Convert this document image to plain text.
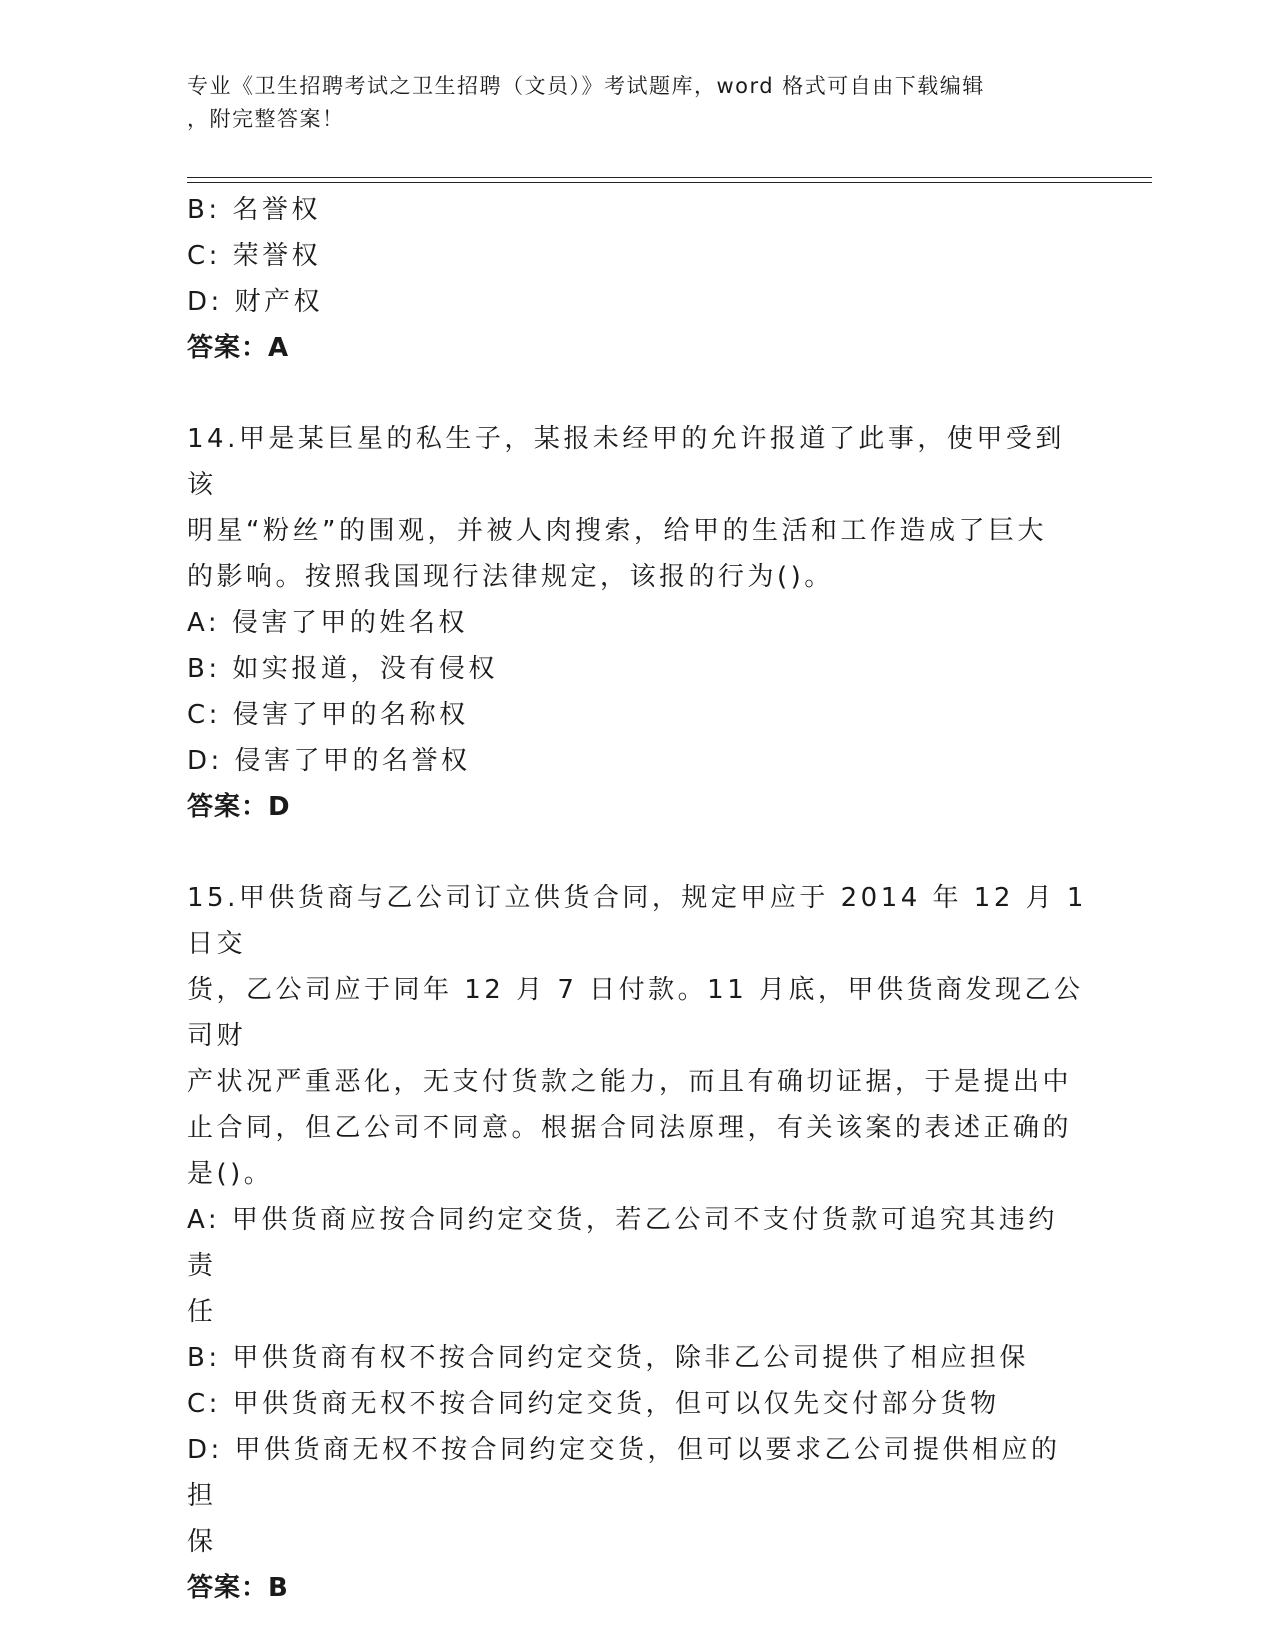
专业《卫生招聘考试之卫生招聘（文员）》考试题库，word 格式可自由下载编辑
，附完整答案！
B: 名誉权
C: 荣誉权
D: 财产权
答案：A
14.甲是某巨星的私生子，某报未经甲的允许报道了此事，使甲受到该
明星“粉丝”的围观，并被人肉搜索，给甲的生活和工作造成了巨大
的影响。按照我国现行法律规定，该报的行为()。
A: 侵害了甲的姓名权
B: 如实报道，没有侵权
C: 侵害了甲的名称权
D: 侵害了甲的名誉权
答案：D
15.甲供货商与乙公司订立供货合同，规定甲应于 2014 年 12 月 1 日交
货，乙公司应于同年 12 月 7 日付款。11 月底，甲供货商发现乙公司财
产状况严重恶化，无支付货款之能力，而且有确切证据，于是提出中
止合同，但乙公司不同意。根据合同法原理，有关该案的表述正确的
是()。
A: 甲供货商应按合同约定交货，若乙公司不支付货款可追究其违约责
任
B: 甲供货商有权不按合同约定交货，除非乙公司提供了相应担保
C: 甲供货商无权不按合同约定交货，但可以仅先交付部分货物
D: 甲供货商无权不按合同约定交货，但可以要求乙公司提供相应的担
保
答案：B
